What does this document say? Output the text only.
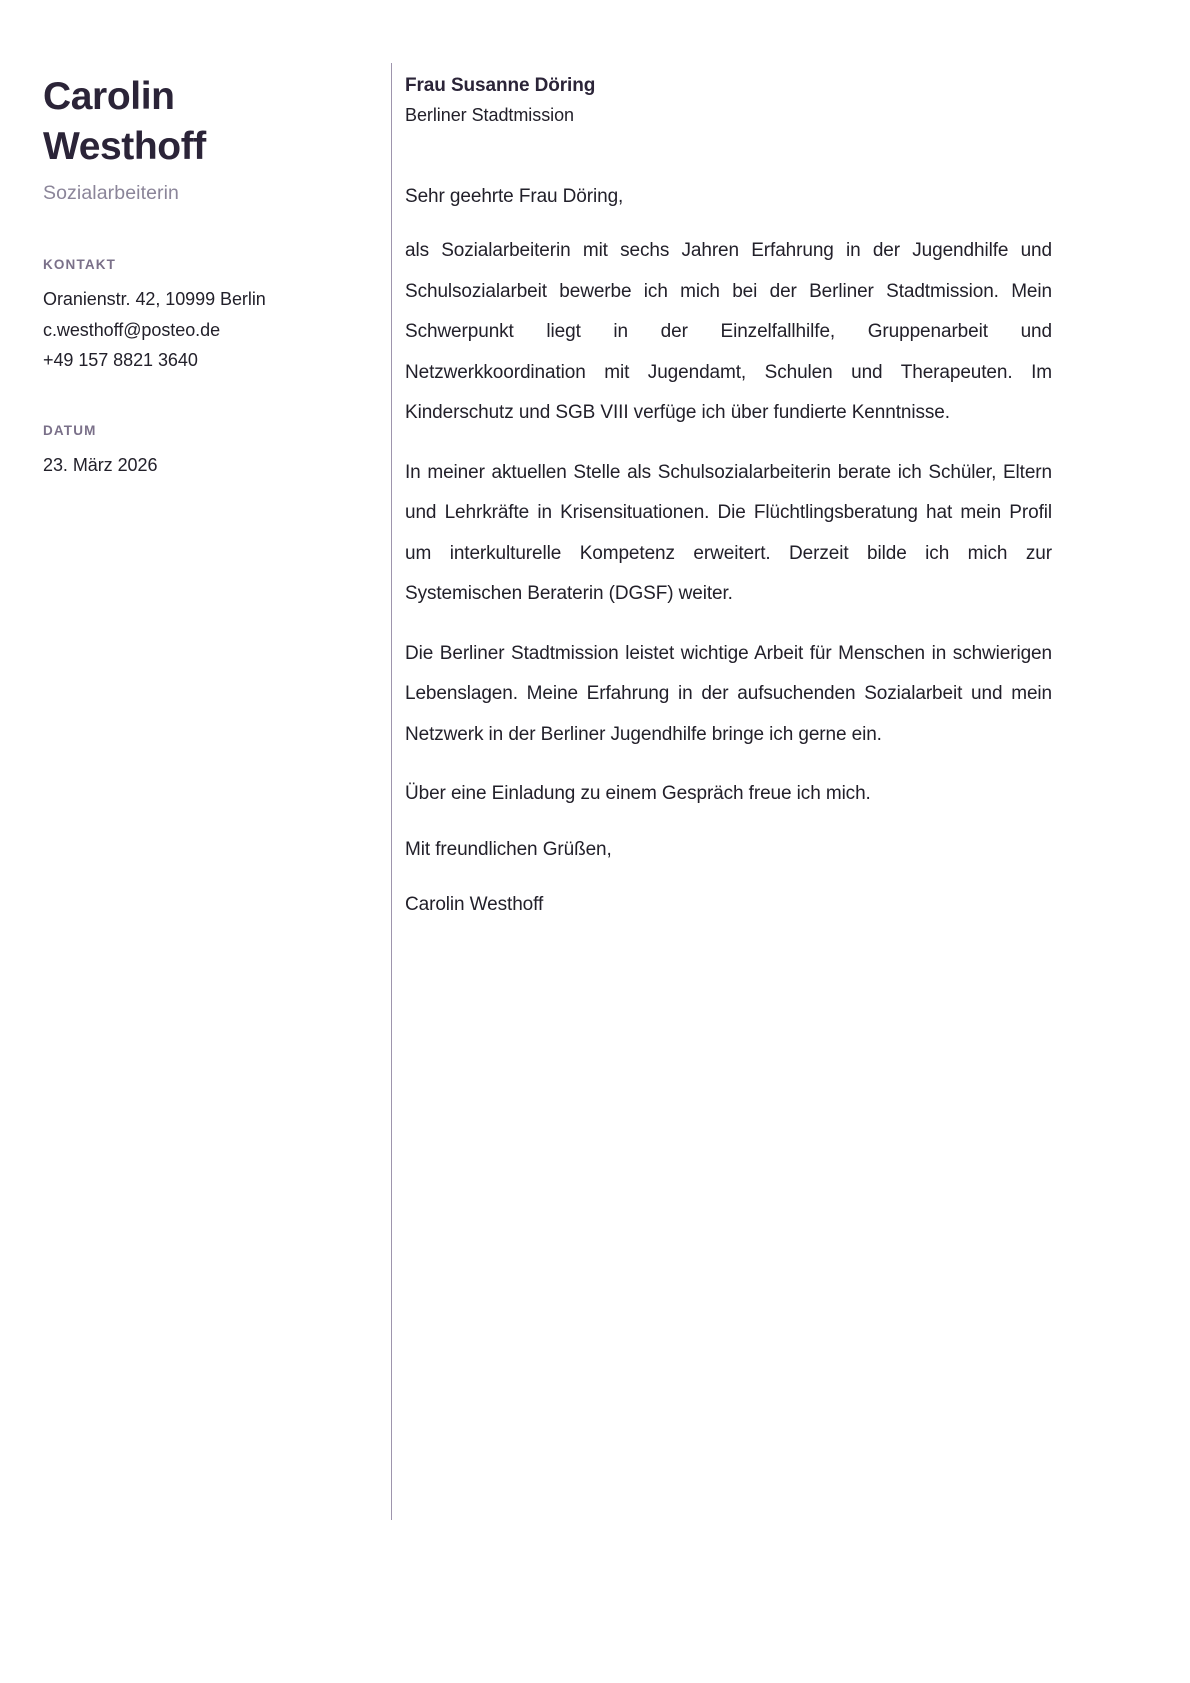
Carolin
Westhoff
Sozialarbeiterin
KONTAKT
Oranienstr. 42, 10999 Berlin
c.westhoff@posteo.de
+49 157 8821 3640
DATUM
23. März 2026
Frau Susanne Döring
Berliner Stadtmission

Sehr geehrte Frau Döring,

als Sozialarbeiterin mit sechs Jahren Erfahrung in der Jugendhilfe und Schulsozialarbeit bewerbe ich mich bei der Berliner Stadtmission. Mein Schwerpunkt liegt in der Einzelfallhilfe, Gruppenarbeit und Netzwerkkoordination mit Jugendamt, Schulen und Therapeuten. Im Kinderschutz und SGB VIII verfüge ich über fundierte Kenntnisse.

In meiner aktuellen Stelle als Schulsozialarbeiterin berate ich Schüler, Eltern und Lehrkräfte in Krisensituationen. Die Flüchtlingsberatung hat mein Profil um interkulturelle Kompetenz erweitert. Derzeit bilde ich mich zur Systemischen Beraterin (DGSF) weiter.

Die Berliner Stadtmission leistet wichtige Arbeit für Menschen in schwierigen Lebenslagen. Meine Erfahrung in der aufsuchenden Sozialarbeit und mein Netzwerk in der Berliner Jugendhilfe bringe ich gerne ein.

Über eine Einladung zu einem Gespräch freue ich mich.

Mit freundlichen Grüßen,

Carolin Westhoff
